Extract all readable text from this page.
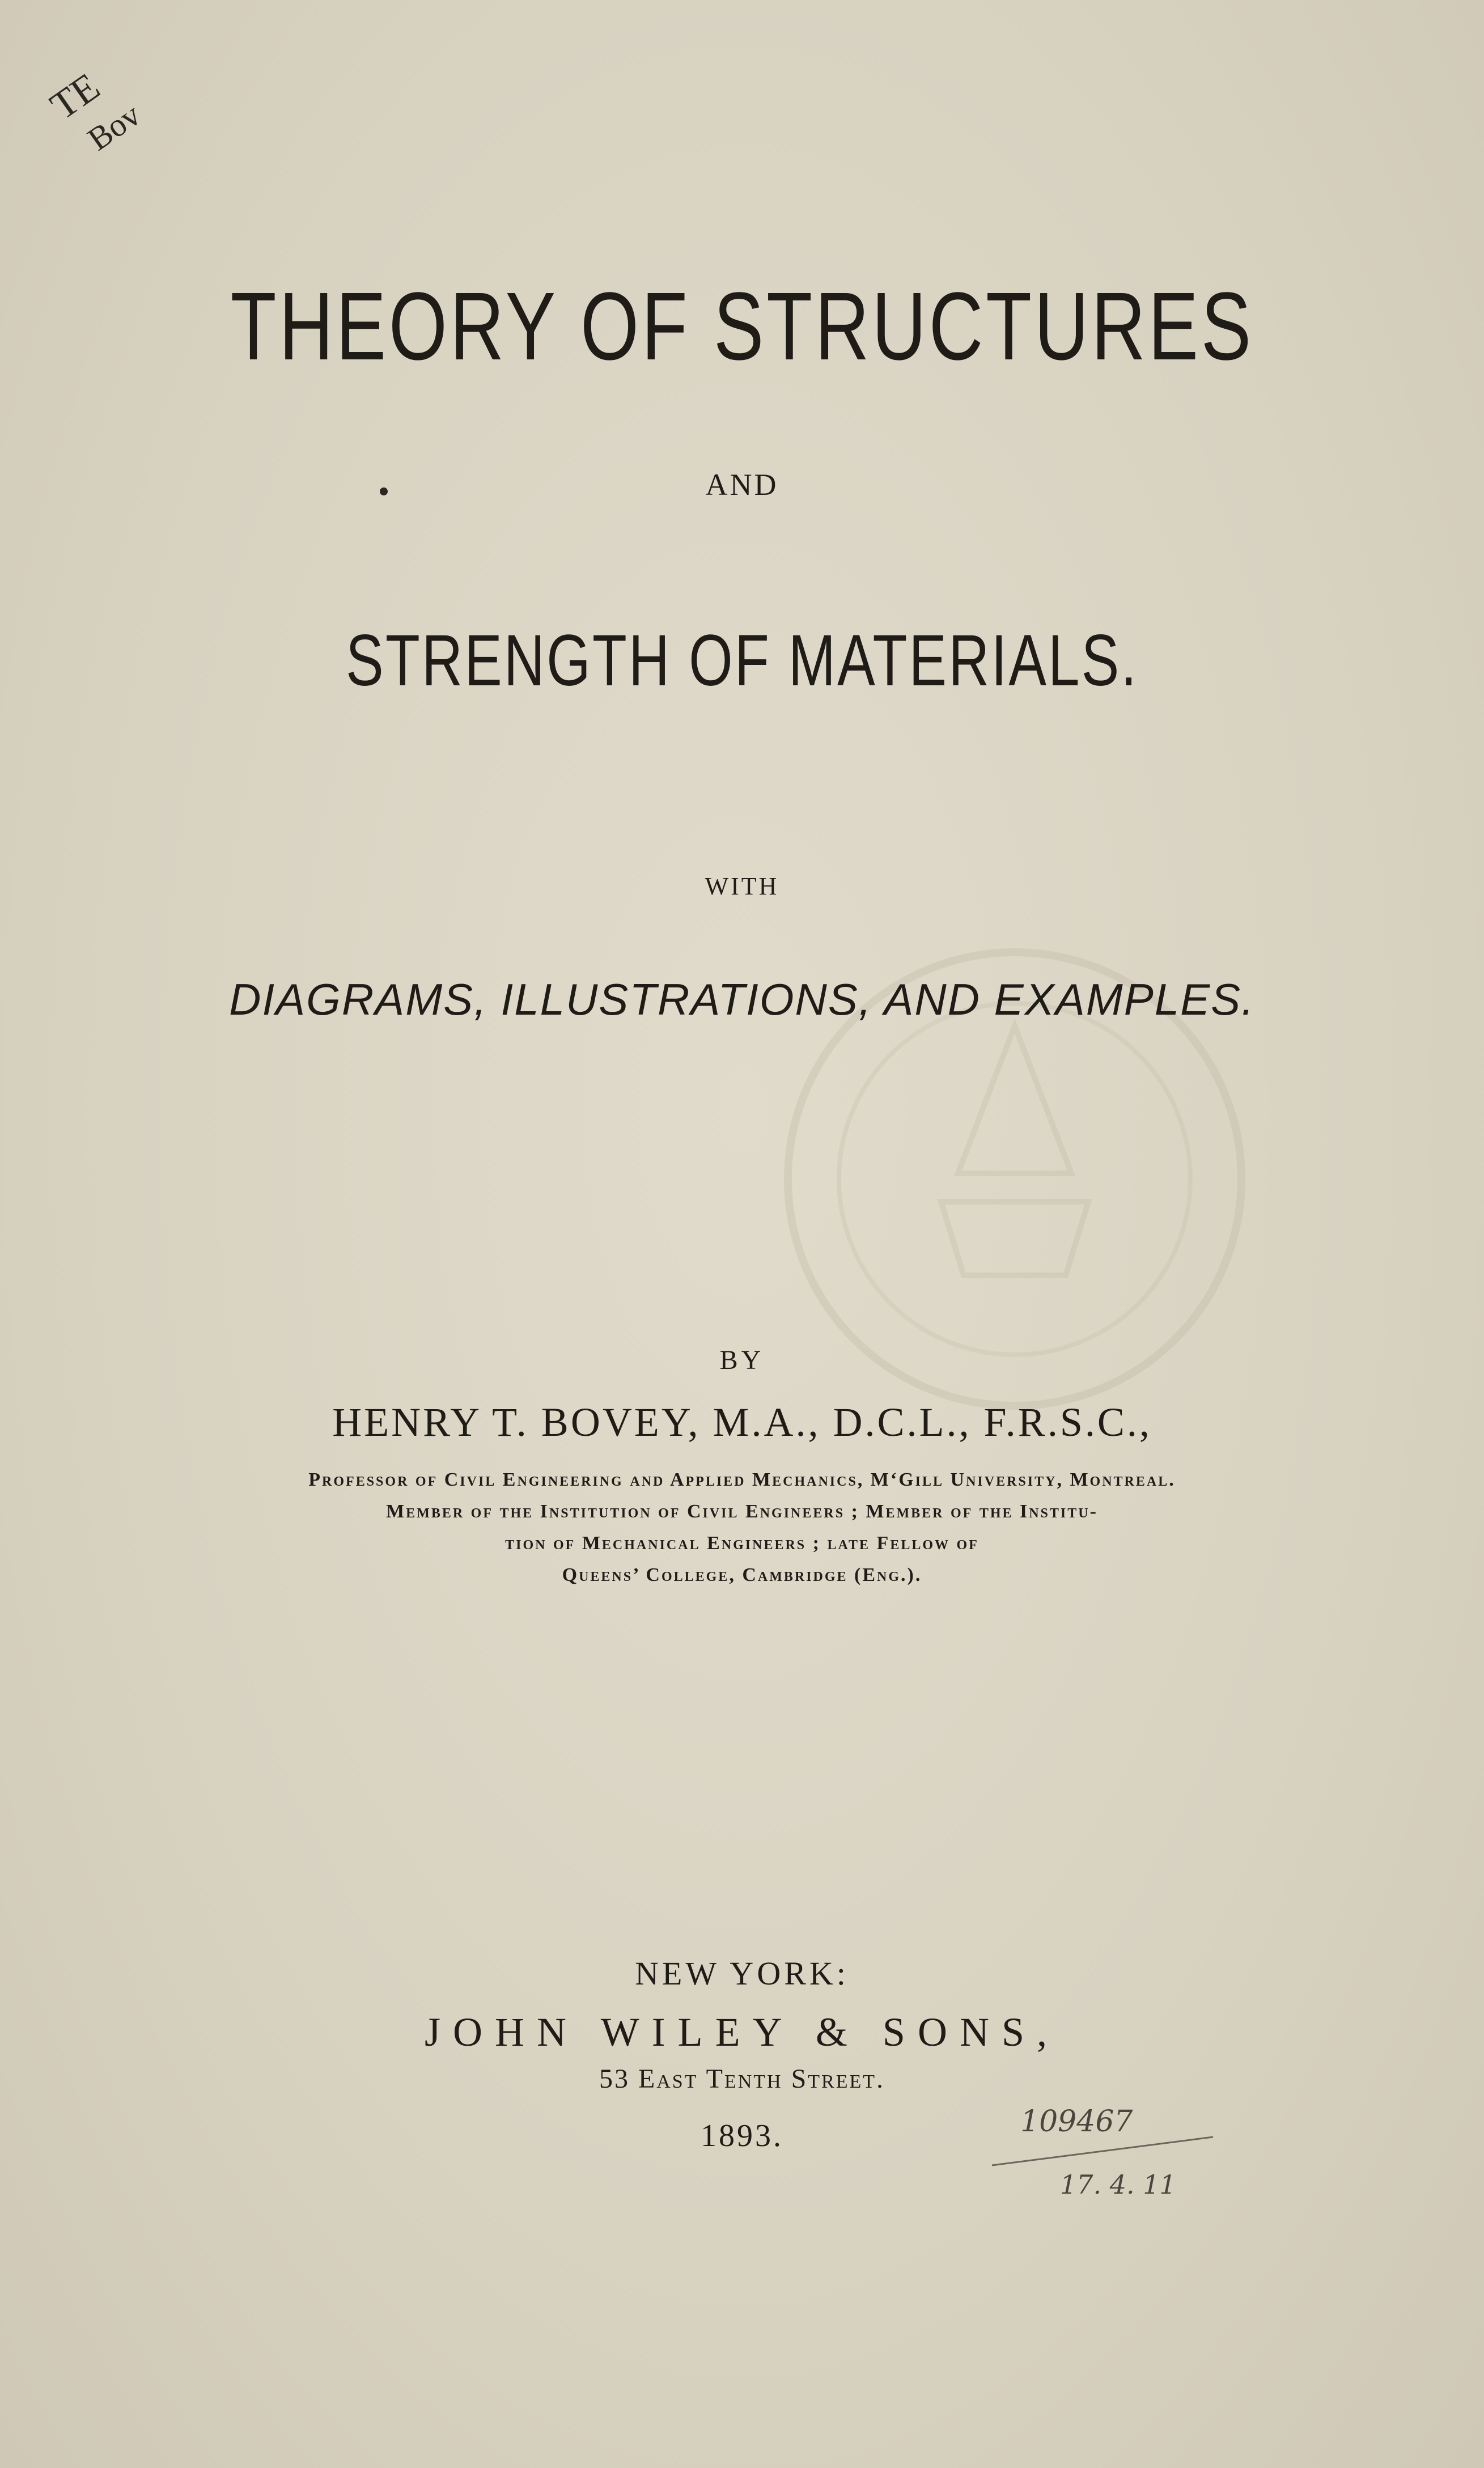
TE
Bov
THEORY OF STRUCTURES
AND
STRENGTH OF MATERIALS.
WITH
DIAGRAMS, ILLUSTRATIONS, AND EXAMPLES.
BY
HENRY T. BOVEY, M.A., D.C.L., F.R.S.C.,
Professor of Civil Engineering and Applied Mechanics, M‘Gill University, Montreal.
Member of the Institution of Civil Engineers ; Member of the Institu-
tion of Mechanical Engineers ; late Fellow of
Queens’ College, Cambridge (Eng.).
NEW YORK:
JOHN WILEY & SONS,
53 East Tenth Street.
1893.	109467
17. 4. 11
